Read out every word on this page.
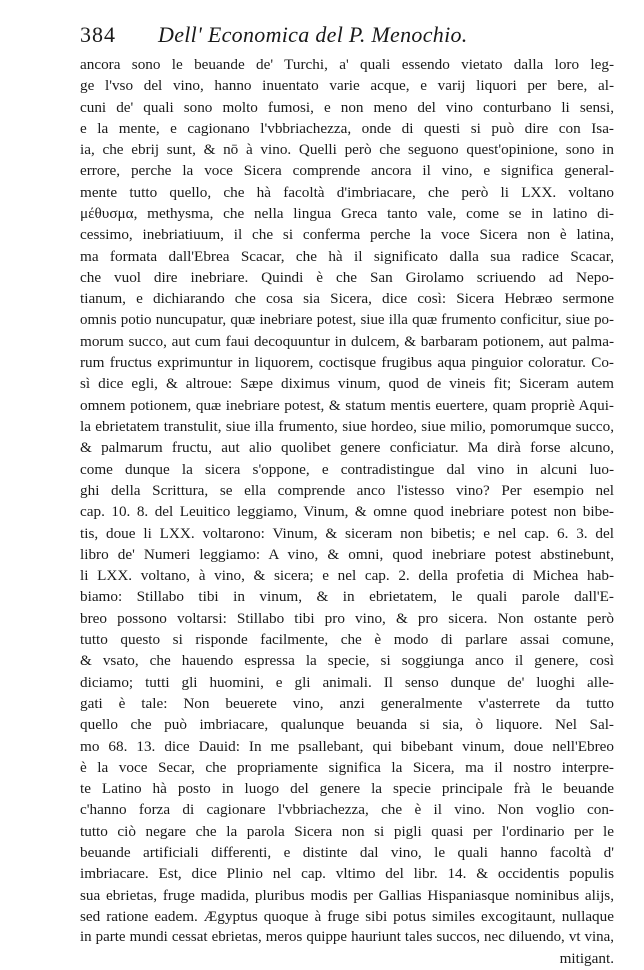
384 Dell' Economica del P. Menochio.
ancora sono le beuande de' Turchi, a' quali essendo vietato dalla loro leg-
ge l'vso del vino, hanno inuentato varie acque, e varij liquori per bere, al-
cuni de' quali sono molto fumosi, e non meno del vino conturbano li sensi,
e la mente, e cagionano l'vbbriachezza, onde di questi si può dire con Isa-
ia, che ebrij sunt, & nō à vino. Quelli però che seguono quest'opinione, sono in
errore, perche la voce Sicera comprende ancora il vino, e significa general-
mente tutto quello, che hà facoltà d'imbriacare, che però li LXX. voltano
μέθυσμα, methysma, che nella lingua Greca tanto vale, come se in latino di-
cessimo, inebriatiuum, il che si conferma perche la voce Sicera non è latina,
ma formata dall'Ebrea Scacar, che hà il significato dalla sua radice Scacar,
che vuol dire inebriare. Quindi è che San Girolamo scriuendo ad Nepo-
tianum, e dichiarando che cosa sia Sicera, dice così: Sicera Hebræo sermone
omnis potio nuncupatur, quæ inebriare potest, siue illa quæ frumento conficitur, siue po-
morum succo, aut cum faui decoquuntur in dulcem, & barbaram potionem, aut palma-
rum fructus exprimuntur in liquorem, coctisque frugibus aqua pinguior coloratur. Co-
sì dice egli, & altroue: Sæpe diximus vinum, quod de vineis fit; Siceram autem
omnem potionem, quæ inebriare potest, & statum mentis euertere, quam propriè Aqui-
la ebrietatem transtulit, siue illa frumento, siue hordeo, siue milio, pomorumque succo,
& palmarum fructu, aut alio quolibet genere conficiatur. Ma dirà forse alcuno,
come dunque la sicera s'oppone, e contradistingue dal vino in alcuni luo-
ghi della Scrittura, se ella comprende anco l'istesso vino? Per esempio nel
cap. 10. 8. del Leuitico leggiamo, Vinum, & omne quod inebriare potest non bibe-
tis, doue li LXX. voltarono: Vinum, & siceram non bibetis; e nel cap. 6. 3. del
libro de' Numeri leggiamo: A vino, & omni, quod inebriare potest abstinebunt,
li LXX. voltano, à vino, & sicera; e nel cap. 2. della profetia di Michea hab-
biamo: Stillabo tibi in vinum, & in ebrietatem, le quali parole dall'E-
breo possono voltarsi: Stillabo tibi pro vino, & pro sicera. Non ostante però
tutto questo si risponde facilmente, che è modo di parlare assai comune,
& vsato, che hauendo espressa la specie, si soggiunga anco il genere, così
diciamo; tutti gli huomini, e gli animali. Il senso dunque de' luoghi alle-
gati è tale: Non beuerete vino, anzi generalmente v'asterrete da tutto
quello che può imbriacare, qualunque beuanda si sia, ò liquore. Nel Sal-
mo 68. 13. dice Dauid: In me psallebant, qui bibebant vinum, doue nell'Ebreo
è la voce Secar, che propriamente significa la Sicera, ma il nostro interpre-
te Latino hà posto in luogo del genere la specie principale frà le beuande
c'hanno forza di cagionare l'vbbriachezza, che è il vino. Non voglio con-
tutto ciò negare che la parola Sicera non si pigli quasi per l'ordinario per le
beuande artificiali differenti, e distinte dal vino, le quali hanno facoltà d'
imbriacare. Est, dice Plinio nel cap. vltimo del libr. 14. & occidentis populis
sua ebrietas, fruge madida, pluribus modis per Gallias Hispaniasque nominibus alijs,
sed ratione eadem. Ægyptus quoque à fruge sibi potus similes excogitaunt, nullaque
in parte mundi cessat ebrietas, meros quippe hauriunt tales succos, nec diluendo, vt vina,
mitigant.
